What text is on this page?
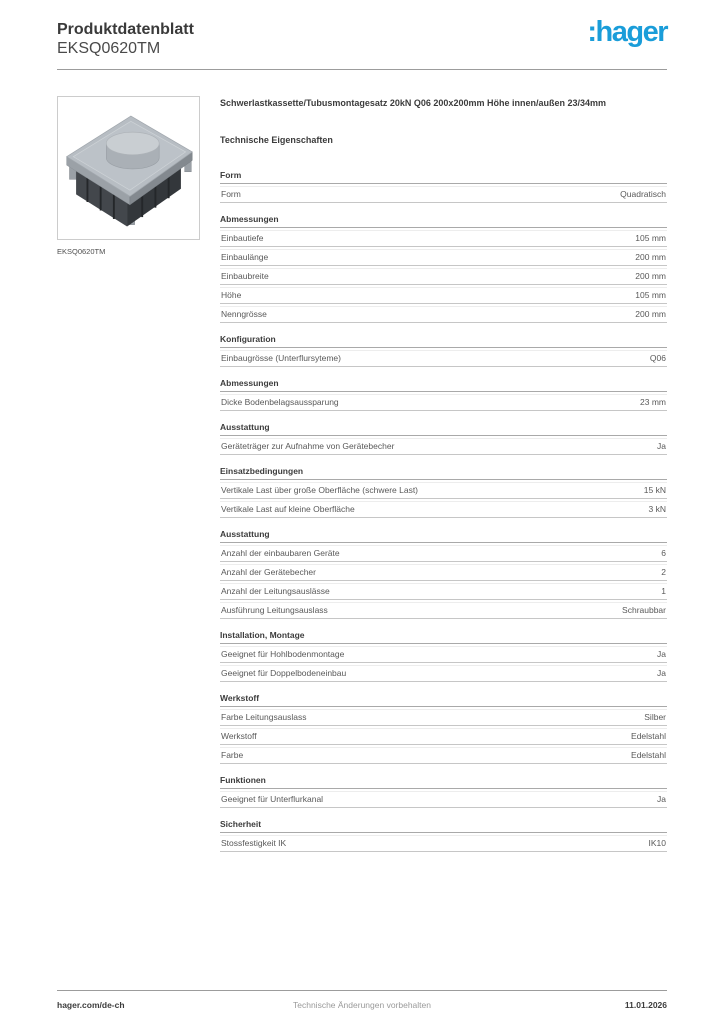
Produktdatenblatt
EKSQ0620TM
:hager
EKSQ0620TM
Schwerlastkassette/Tubusmontagesatz 20kN Q06 200x200mm Höhe innen/außen 23/34mm
Technische Eigenschaften
Form
Form	Quadratisch
Abmessungen
Einbautiefe	105 mm
Einbaulänge	200 mm
Einbaubreite	200 mm
Höhe	105 mm
Nenngrösse	200 mm
Konfiguration
Einbaugrösse (Unterflursyteme)	Q06
Abmessungen
Dicke Bodenbelagsaussparung	23 mm
Ausstattung
Geräteträger zur Aufnahme von Gerätebecher	Ja
Einsatzbedingungen
Vertikale Last über große Oberfläche (schwere Last)	15 kN
Vertikale Last auf kleine Oberfläche	3 kN
Ausstattung
Anzahl der einbaubaren Geräte	6
Anzahl der Gerätebecher	2
Anzahl der Leitungsauslässe	1
Ausführung Leitungsauslass	Schraubbar
Installation, Montage
Geeignet für Hohlbodenmontage	Ja
Geeignet für Doppelbodeneinbau	Ja
Werkstoff
Farbe Leitungsauslass	Silber
Werkstoff	Edelstahl
Farbe	Edelstahl
Funktionen
Geeignet für Unterflurkanal	Ja
Sicherheit
Stossfestigkeit IK	IK10
hager.com/de-ch	Technische Änderungen vorbehalten	11.01.2026
